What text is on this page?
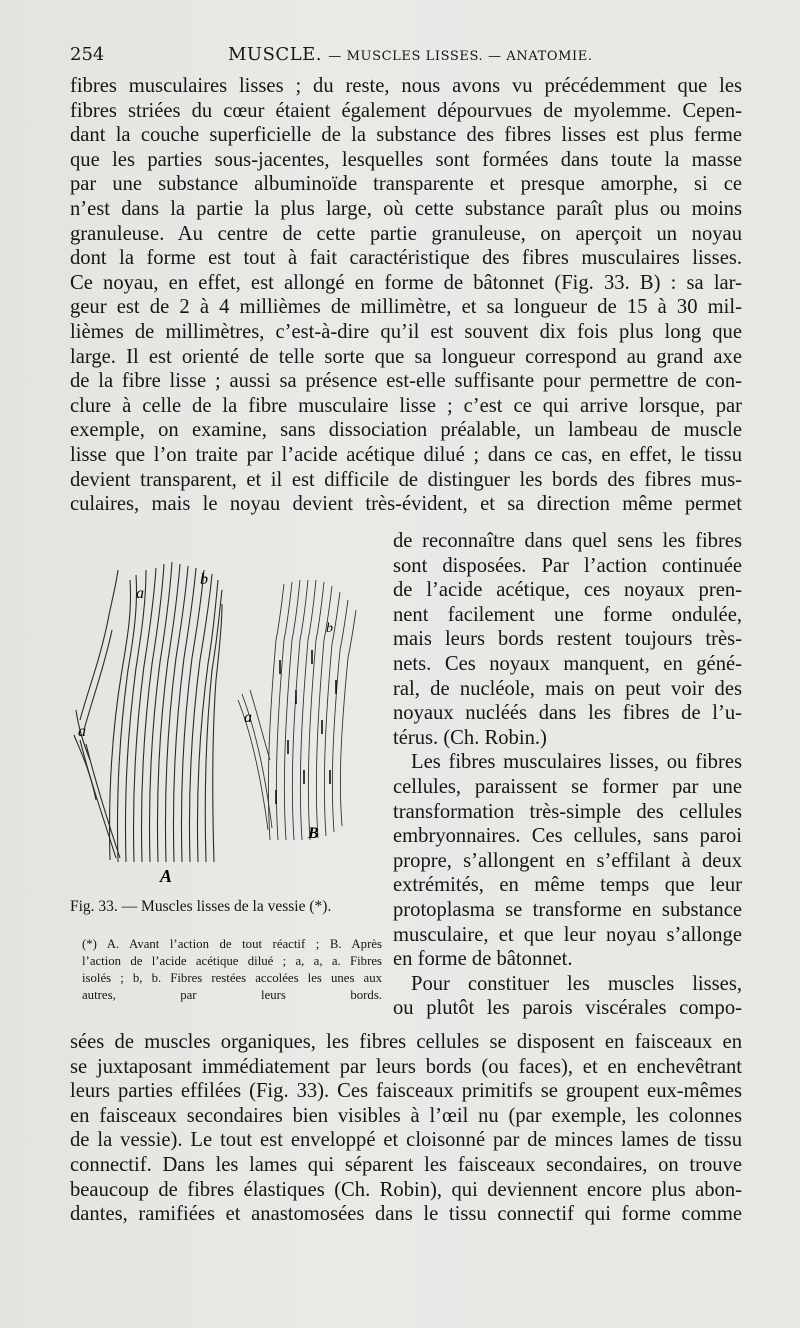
254	MUSCLE. — MUSCLES LISSES. — ANATOMIE.
fibres musculaires lisses ; du reste, nous avons vu précédemment que les
fibres striées du cœur étaient également dépourvues de myolemme. Cepen-
dant la couche superficielle de la substance des fibres lisses est plus ferme
que les parties sous-jacentes, lesquelles sont formées dans toute la masse
par une substance albuminoïde transparente et presque amorphe, si ce
n’est dans la partie la plus large, où cette substance paraît plus ou moins
granuleuse. Au centre de cette partie granuleuse, on aperçoit un noyau
dont la forme est tout à fait caractéristique des fibres musculaires lisses.
Ce noyau, en effet, est allongé en forme de bâtonnet (Fig. 33. B) : sa lar-
geur est de 2 à 4 millièmes de millimètre, et sa longueur de 15 à 30 mil-
lièmes de millimètres, c’est-à-dire qu’il est souvent dix fois plus long que
large. Il est orienté de telle sorte que sa longueur correspond au grand axe
de la fibre lisse ; aussi sa présence est-elle suffisante pour permettre de con-
clure à celle de la fibre musculaire lisse ; c’est ce qui arrive lorsque, par
exemple, on examine, sans dissociation préalable, un lambeau de muscle
lisse que l’on traite par l’acide acétique dilué ; dans ce cas, en effet, le tissu
devient transparent, et il est difficile de distinguer les bords des fibres mus-
culaires, mais le noyau devient très-évident, et sa direction même permet
a
b
a
A
a
b
B
Fig. 33. — Muscles lisses de la vessie (*).
(*) A. Avant l’action de tout réactif ; B. Après
l’action de l’acide acétique dilué ; a, a, a. Fibres
isolés ; b, b. Fibres restées accolées les unes aux
autres, par leurs bords.
de reconnaître dans quel sens les fibres
sont disposées. Par l’action continuée
de l’acide acétique, ces noyaux pren-
nent facilement une forme ondulée,
mais leurs bords restent toujours très-
nets. Ces noyaux manquent, en géné-
ral, de nucléole, mais on peut voir des
noyaux nucléés dans les fibres de l’u-
térus. (Ch. Robin.)
Les fibres musculaires lisses, ou fibres
cellules, paraissent se former par une
transformation très-simple des cellules
embryonnaires. Ces cellules, sans paroi
propre, s’allongent en s’effilant à deux
extrémités, en même temps que leur
protoplasma se transforme en substance
musculaire, et que leur noyau s’allonge
en forme de bâtonnet.
Pour constituer les muscles lisses,
ou plutôt les parois viscérales compo-
sées de muscles organiques, les fibres cellules se disposent en faisceaux en
se juxtaposant immédiatement par leurs bords (ou faces), et en enchevêtrant
leurs parties effilées (Fig. 33). Ces faisceaux primitifs se groupent eux-mêmes
en faisceaux secondaires bien visibles à l’œil nu (par exemple, les colonnes
de la vessie). Le tout est enveloppé et cloisonné par de minces lames de tissu
connectif. Dans les lames qui séparent les faisceaux secondaires, on trouve
beaucoup de fibres élastiques (Ch. Robin), qui deviennent encore plus abon-
dantes, ramifiées et anastomosées dans le tissu connectif qui forme comme
